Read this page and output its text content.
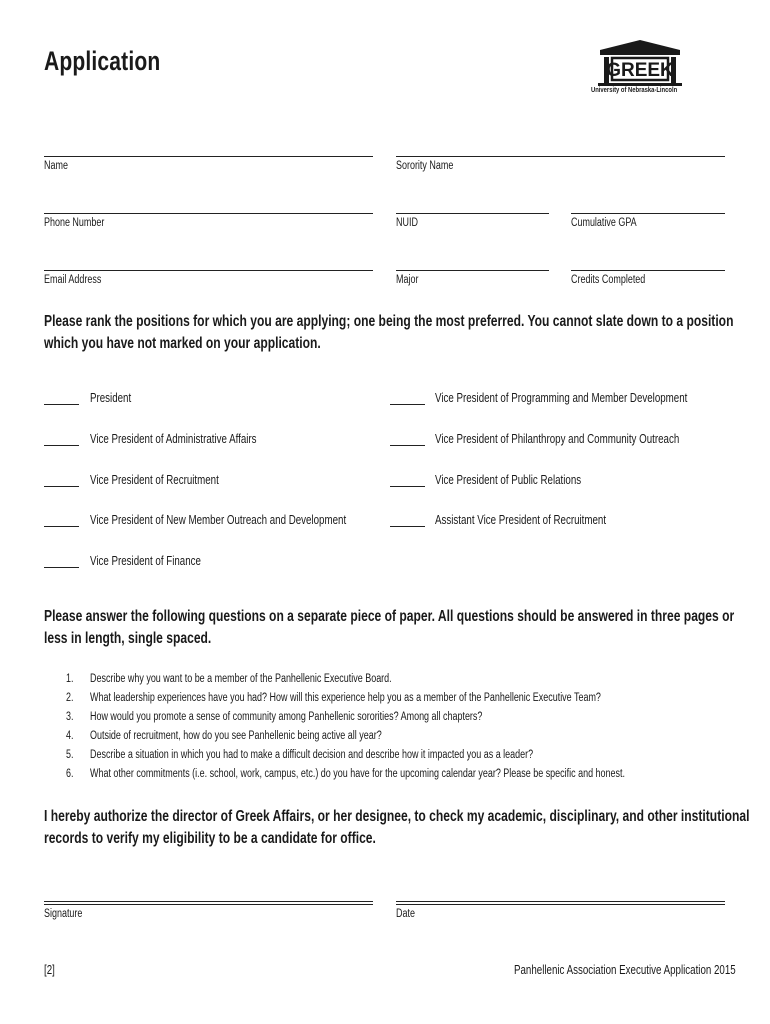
Application	GREEK
University of Nebraska-Lincoln
Name	Sorority Name
Phone Number	NUID	Cumulative GPA
Email Address	Major	Credits Completed
Please rank the positions for which you are applying; one being the most preferred. You cannot slate down to a position
which you have not marked on your application.
President
Vice President of Administrative Affairs
Vice President of Recruitment
Vice President of New Member Outreach and Development
Vice President of Finance
Vice President of Programming and Member Development
Vice President of Philanthropy and Community Outreach
Vice President of Public Relations
Assistant Vice President of Recruitment
Please answer the following questions on a separate piece of paper. All questions should be answered in three pages or
less in length, single spaced.
1. Describe why you want to be a member of the Panhellenic Executive Board.
2. What leadership experiences have you had? How will this experience help you as a member of the Panhellenic Executive Team?
3. How would you promote a sense of community among Panhellenic sororities? Among all chapters?
4. Outside of recruitment, how do you see Panhellenic being active all year?
5. Describe a situation in which you had to make a difficult decision and describe how it impacted you as a leader?
6. What other commitments (i.e. school, work, campus, etc.) do you have for the upcoming calendar year? Please be specific and honest.
I hereby authorize the director of Greek Affairs, or her designee, to check my academic, disciplinary, and other institutional
records to verify my eligibility to be a candidate for office.
Signature	Date
[2]	Panhellenic Association Executive Application 2015
